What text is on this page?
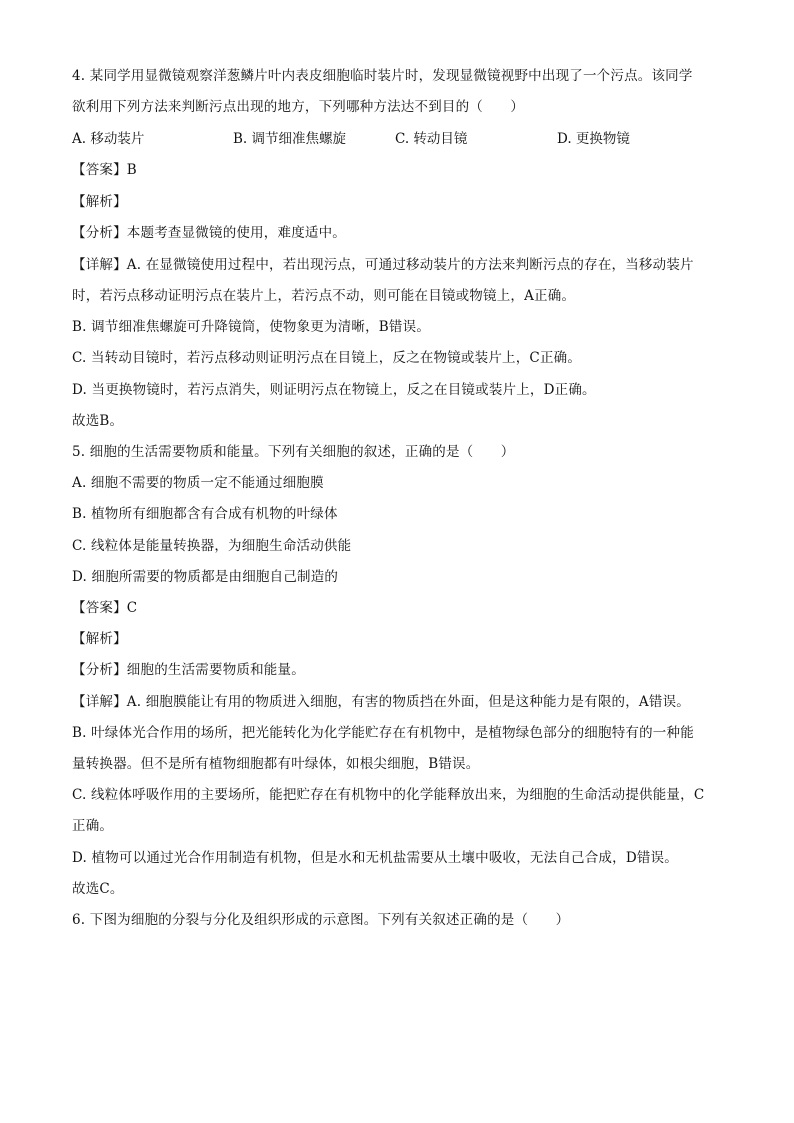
4. 某同学用显微镜观察洋葱鳞片叶内表皮细胞临时装片时，发现显微镜视野中出现了一个污点。该同学
欲利用下列方法来判断污点出现的地方，下列哪种方法达不到目的（　　）
A. 移动装片	B. 调节细准焦螺旋	C. 转动目镜	D. 更换物镜
【答案】B
【解析】
【分析】本题考查显微镜的使用，难度适中。
【详解】A. 在显微镜使用过程中，若出现污点，可通过移动装片的方法来判断污点的存在，当移动装片
时，若污点移动证明污点在装片上，若污点不动，则可能在目镜或物镜上，A正确。
B. 调节细准焦螺旋可升降镜筒，使物象更为清晰，B错误。
C. 当转动目镜时，若污点移动则证明污点在目镜上，反之在物镜或装片上，C正确。
D. 当更换物镜时，若污点消失，则证明污点在物镜上，反之在目镜或装片上，D正确。
故选B。
5. 细胞的生活需要物质和能量。下列有关细胞的叙述，正确的是（　　）
A. 细胞不需要的物质一定不能通过细胞膜
B. 植物所有细胞都含有合成有机物的叶绿体
C. 线粒体是能量转换器，为细胞生命活动供能
D. 细胞所需要的物质都是由细胞自己制造的
【答案】C
【解析】
【分析】细胞的生活需要物质和能量。
【详解】A. 细胞膜能让有用的物质进入细胞，有害的物质挡在外面，但是这种能力是有限的，A错误。
B. 叶绿体光合作用的场所，把光能转化为化学能贮存在有机物中，是植物绿色部分的细胞特有的一种能
量转换器。但不是所有植物细胞都有叶绿体，如根尖细胞，B错误。
C. 线粒体呼吸作用的主要场所，能把贮存在有机物中的化学能释放出来，为细胞的生命活动提供能量，C
正确。
D. 植物可以通过光合作用制造有机物，但是水和无机盐需要从土壤中吸收，无法自己合成，D错误。
故选C。
6. 下图为细胞的分裂与分化及组织形成的示意图。下列有关叙述正确的是（　　）
